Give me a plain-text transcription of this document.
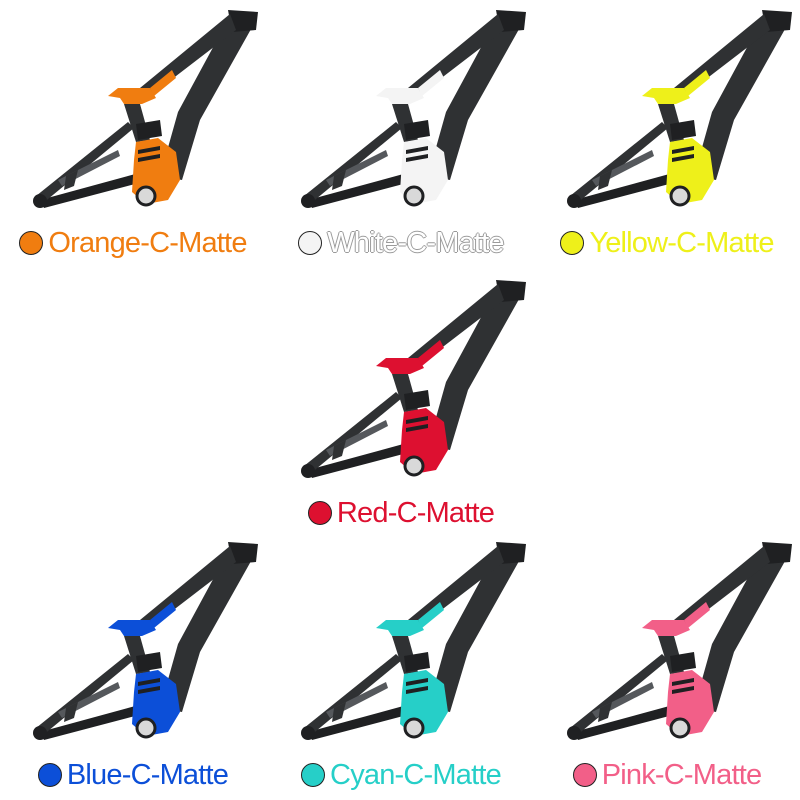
Orange-C-Matte	White-C-Matte	Yellow-C-Matte
Red-C-Matte
Blue-C-Matte	Cyan-C-Matte	Pink-C-Matte
